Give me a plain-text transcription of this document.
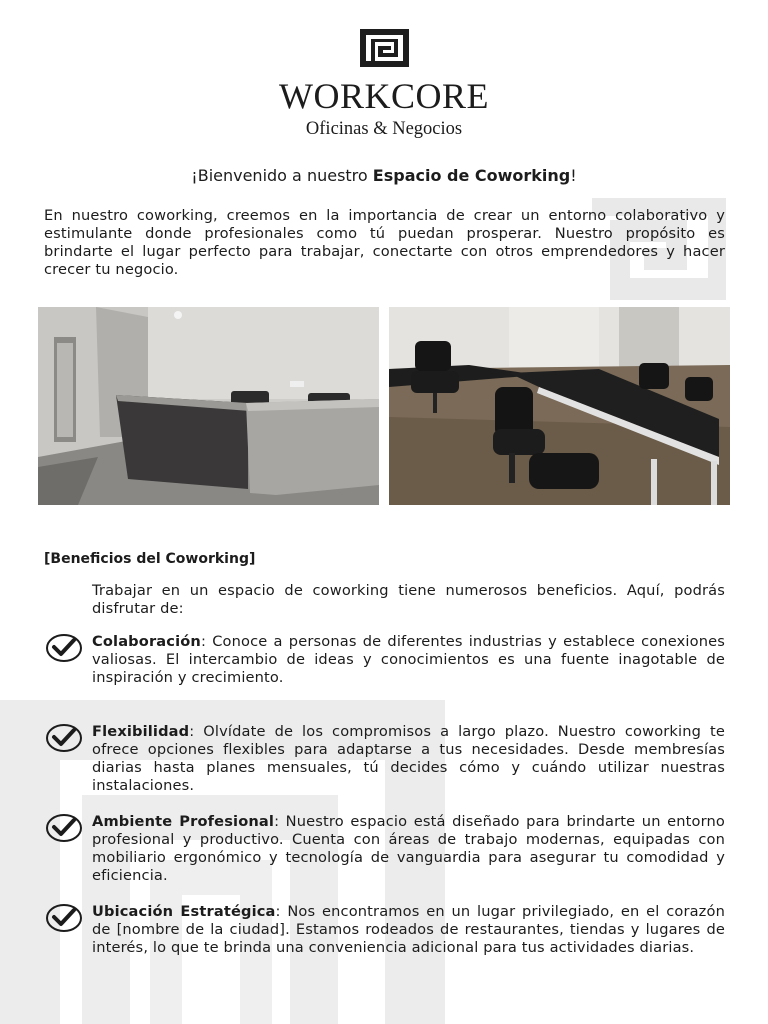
WORKCORE
Oficinas & Negocios
¡Bienvenido a nuestro Espacio de Coworking!
En nuestro coworking, creemos en la importancia de crear un entorno colaborativo y estimulante donde profesionales como tú puedan prosperar. Nuestro propósito es brindarte el lugar perfecto para trabajar, conectarte con otros emprendedores y hacer crecer tu negocio.
[Beneficios del Coworking]
Trabajar en un espacio de coworking tiene numerosos beneficios. Aquí, podrás disfrutar de:
Colaboración: Conoce a personas de diferentes industrias y establece conexiones valiosas. El intercambio de ideas y conocimientos es una fuente inagotable de inspiración y crecimiento.
Flexibilidad: Olvídate de los compromisos a largo plazo. Nuestro coworking te ofrece opciones flexibles para adaptarse a tus necesidades. Desde membresías diarias hasta planes mensuales, tú decides cómo y cuándo utilizar nuestras instalaciones.
Ambiente Profesional: Nuestro espacio está diseñado para brindarte un entorno profesional y productivo. Cuenta con áreas de trabajo modernas, equipadas con mobiliario ergonómico y tecnología de vanguardia para asegurar tu comodidad y eficiencia.
Ubicación Estratégica: Nos encontramos en un lugar privilegiado, en el corazón de [nombre de la ciudad]. Estamos rodeados de restaurantes, tiendas y lugares de interés, lo que te brinda una conveniencia adicional para tus actividades diarias.
